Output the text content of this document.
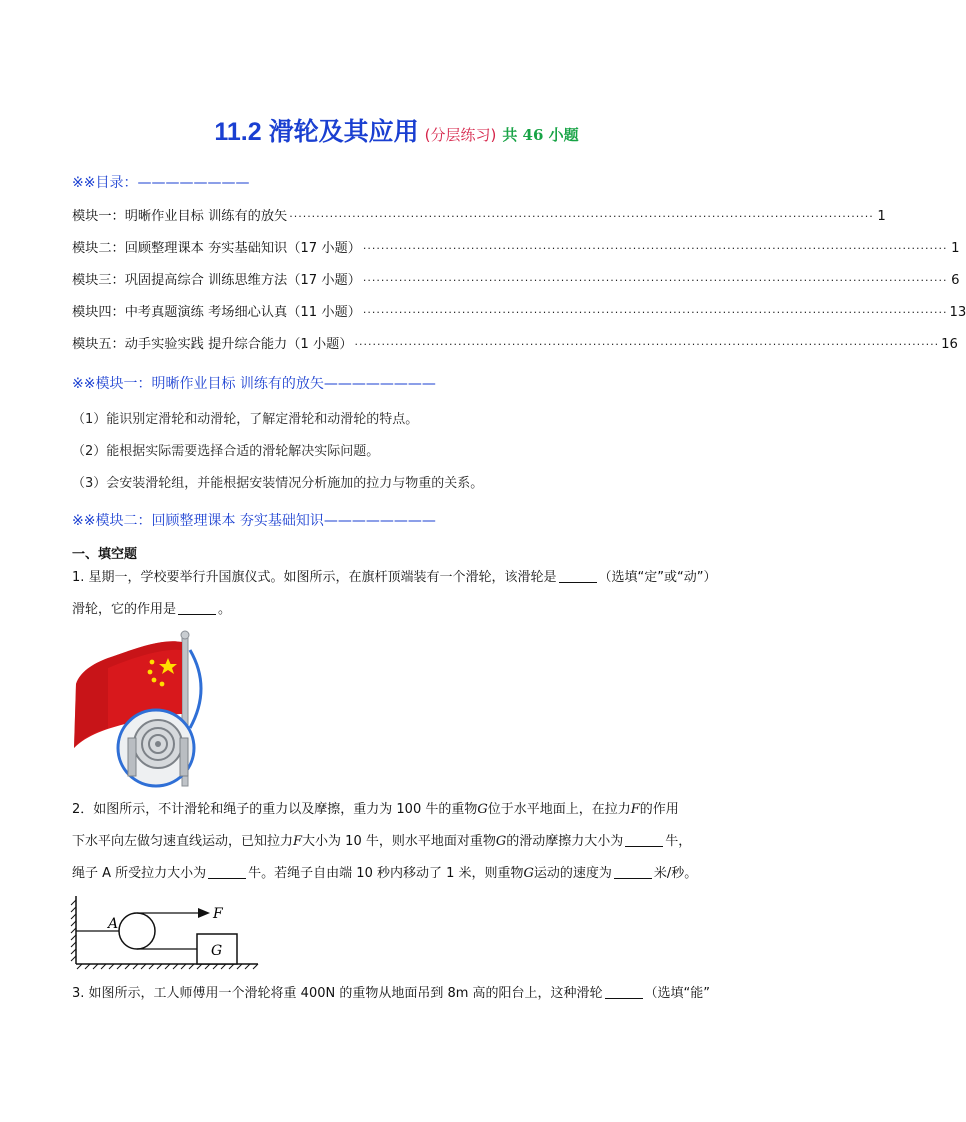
11.2 滑轮及其应用 (分层练习) 共 46 小题
※※目录：————————
模块一：明晰作业目标 训练有的放矢 ·································································································································· 1
模块二：回顾整理课本 夯实基础知识（17 小题） ·································································································································· 1
模块三：巩固提高综合 训练思维方法（17 小题） ·································································································································· 6
模块四：中考真题演练 考场细心认真（11 小题） ·································································································································· 13
模块五：动手实验实践 提升综合能力（1 小题） ·································································································································· 16
※※模块一：明晰作业目标 训练有的放矢————————
（1）能识别定滑轮和动滑轮，了解定滑轮和动滑轮的特点。
（2）能根据实际需要选择合适的滑轮解决实际问题。
（3）会安装滑轮组，并能根据安装情况分析施加的拉力与物重的关系。
※※模块二：回顾整理课本 夯实基础知识————————
一、填空题
1. 星期一，学校要举行升国旗仪式。如图所示，在旗杆顶端装有一个滑轮，该滑轮是	（选填“定”或“动”）
滑轮，它的作用是	。
2．如图所示，不计滑轮和绳子的重力以及摩擦，重力为 100 牛的重物G位于水平地面上，在拉力F的作用
下水平向左做匀速直线运动，已知拉力F大小为 10 牛，则水平地面对重物G的滑动摩擦力大小为	牛，
绳子 A 所受拉力大小为	牛。若绳子自由端 10 秒内移动了 1 米，则重物G运动的速度为	米/秒。
A
F
G
3. 如图所示，工人师傅用一个滑轮将重 400N 的重物从地面吊到 8m 高的阳台上，这种滑轮	（选填“能”
